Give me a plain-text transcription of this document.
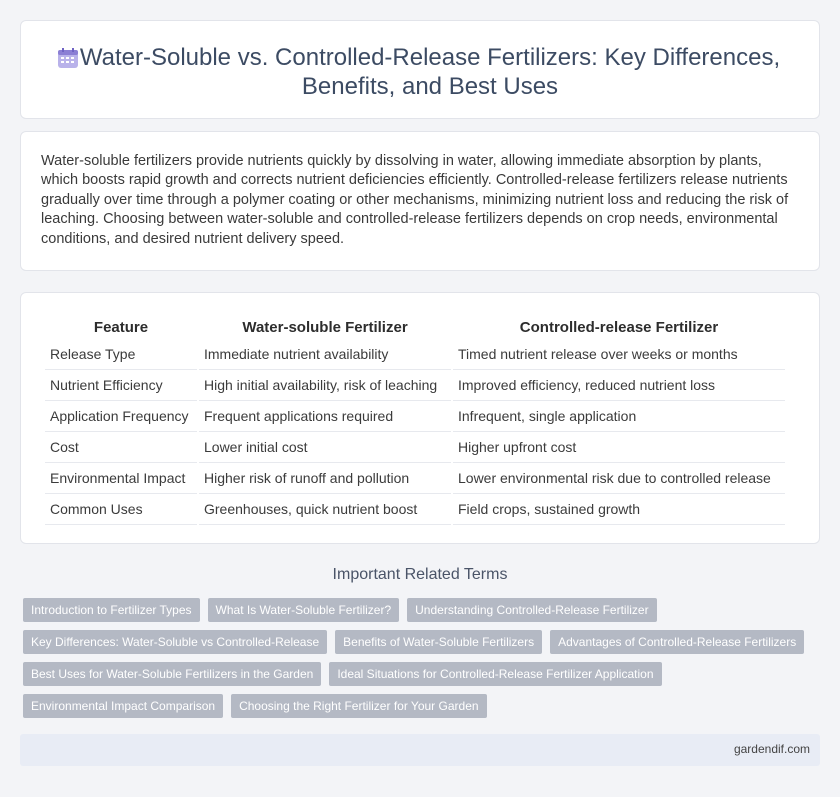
Water-Soluble vs. Controlled-Release Fertilizers: Key Differences, Benefits, and Best Uses

Water-soluble fertilizers provide nutrients quickly by dissolving in water, allowing immediate absorption by plants, which boosts rapid growth and corrects nutrient deficiencies efficiently. Controlled-release fertilizers release nutrients gradually over time through a polymer coating or other mechanisms, minimizing nutrient loss and reducing the risk of leaching. Choosing between water-soluble and controlled-release fertilizers depends on crop needs, environmental conditions, and desired nutrient delivery speed.

Feature	Water-soluble Fertilizer	Controlled-release Fertilizer
Release Type	Immediate nutrient availability	Timed nutrient release over weeks or months
Nutrient Efficiency	High initial availability, risk of leaching	Improved efficiency, reduced nutrient loss
Application Frequency	Frequent applications required	Infrequent, single application
Cost	Lower initial cost	Higher upfront cost
Environmental Impact	Higher risk of runoff and pollution	Lower environmental risk due to controlled release
Common Uses	Greenhouses, quick nutrient boost	Field crops, sustained growth
Important Related Terms
Introduction to Fertilizer Types	What Is Water-Soluble Fertilizer?	Understanding Controlled-Release Fertilizer
Key Differences: Water-Soluble vs Controlled-Release	Benefits of Water-Soluble Fertilizers	Advantages of Controlled-Release Fertilizers
Best Uses for Water-Soluble Fertilizers in the Garden	Ideal Situations for Controlled-Release Fertilizer Application
Environmental Impact Comparison	Choosing the Right Fertilizer for Your Garden
gardendif.com
